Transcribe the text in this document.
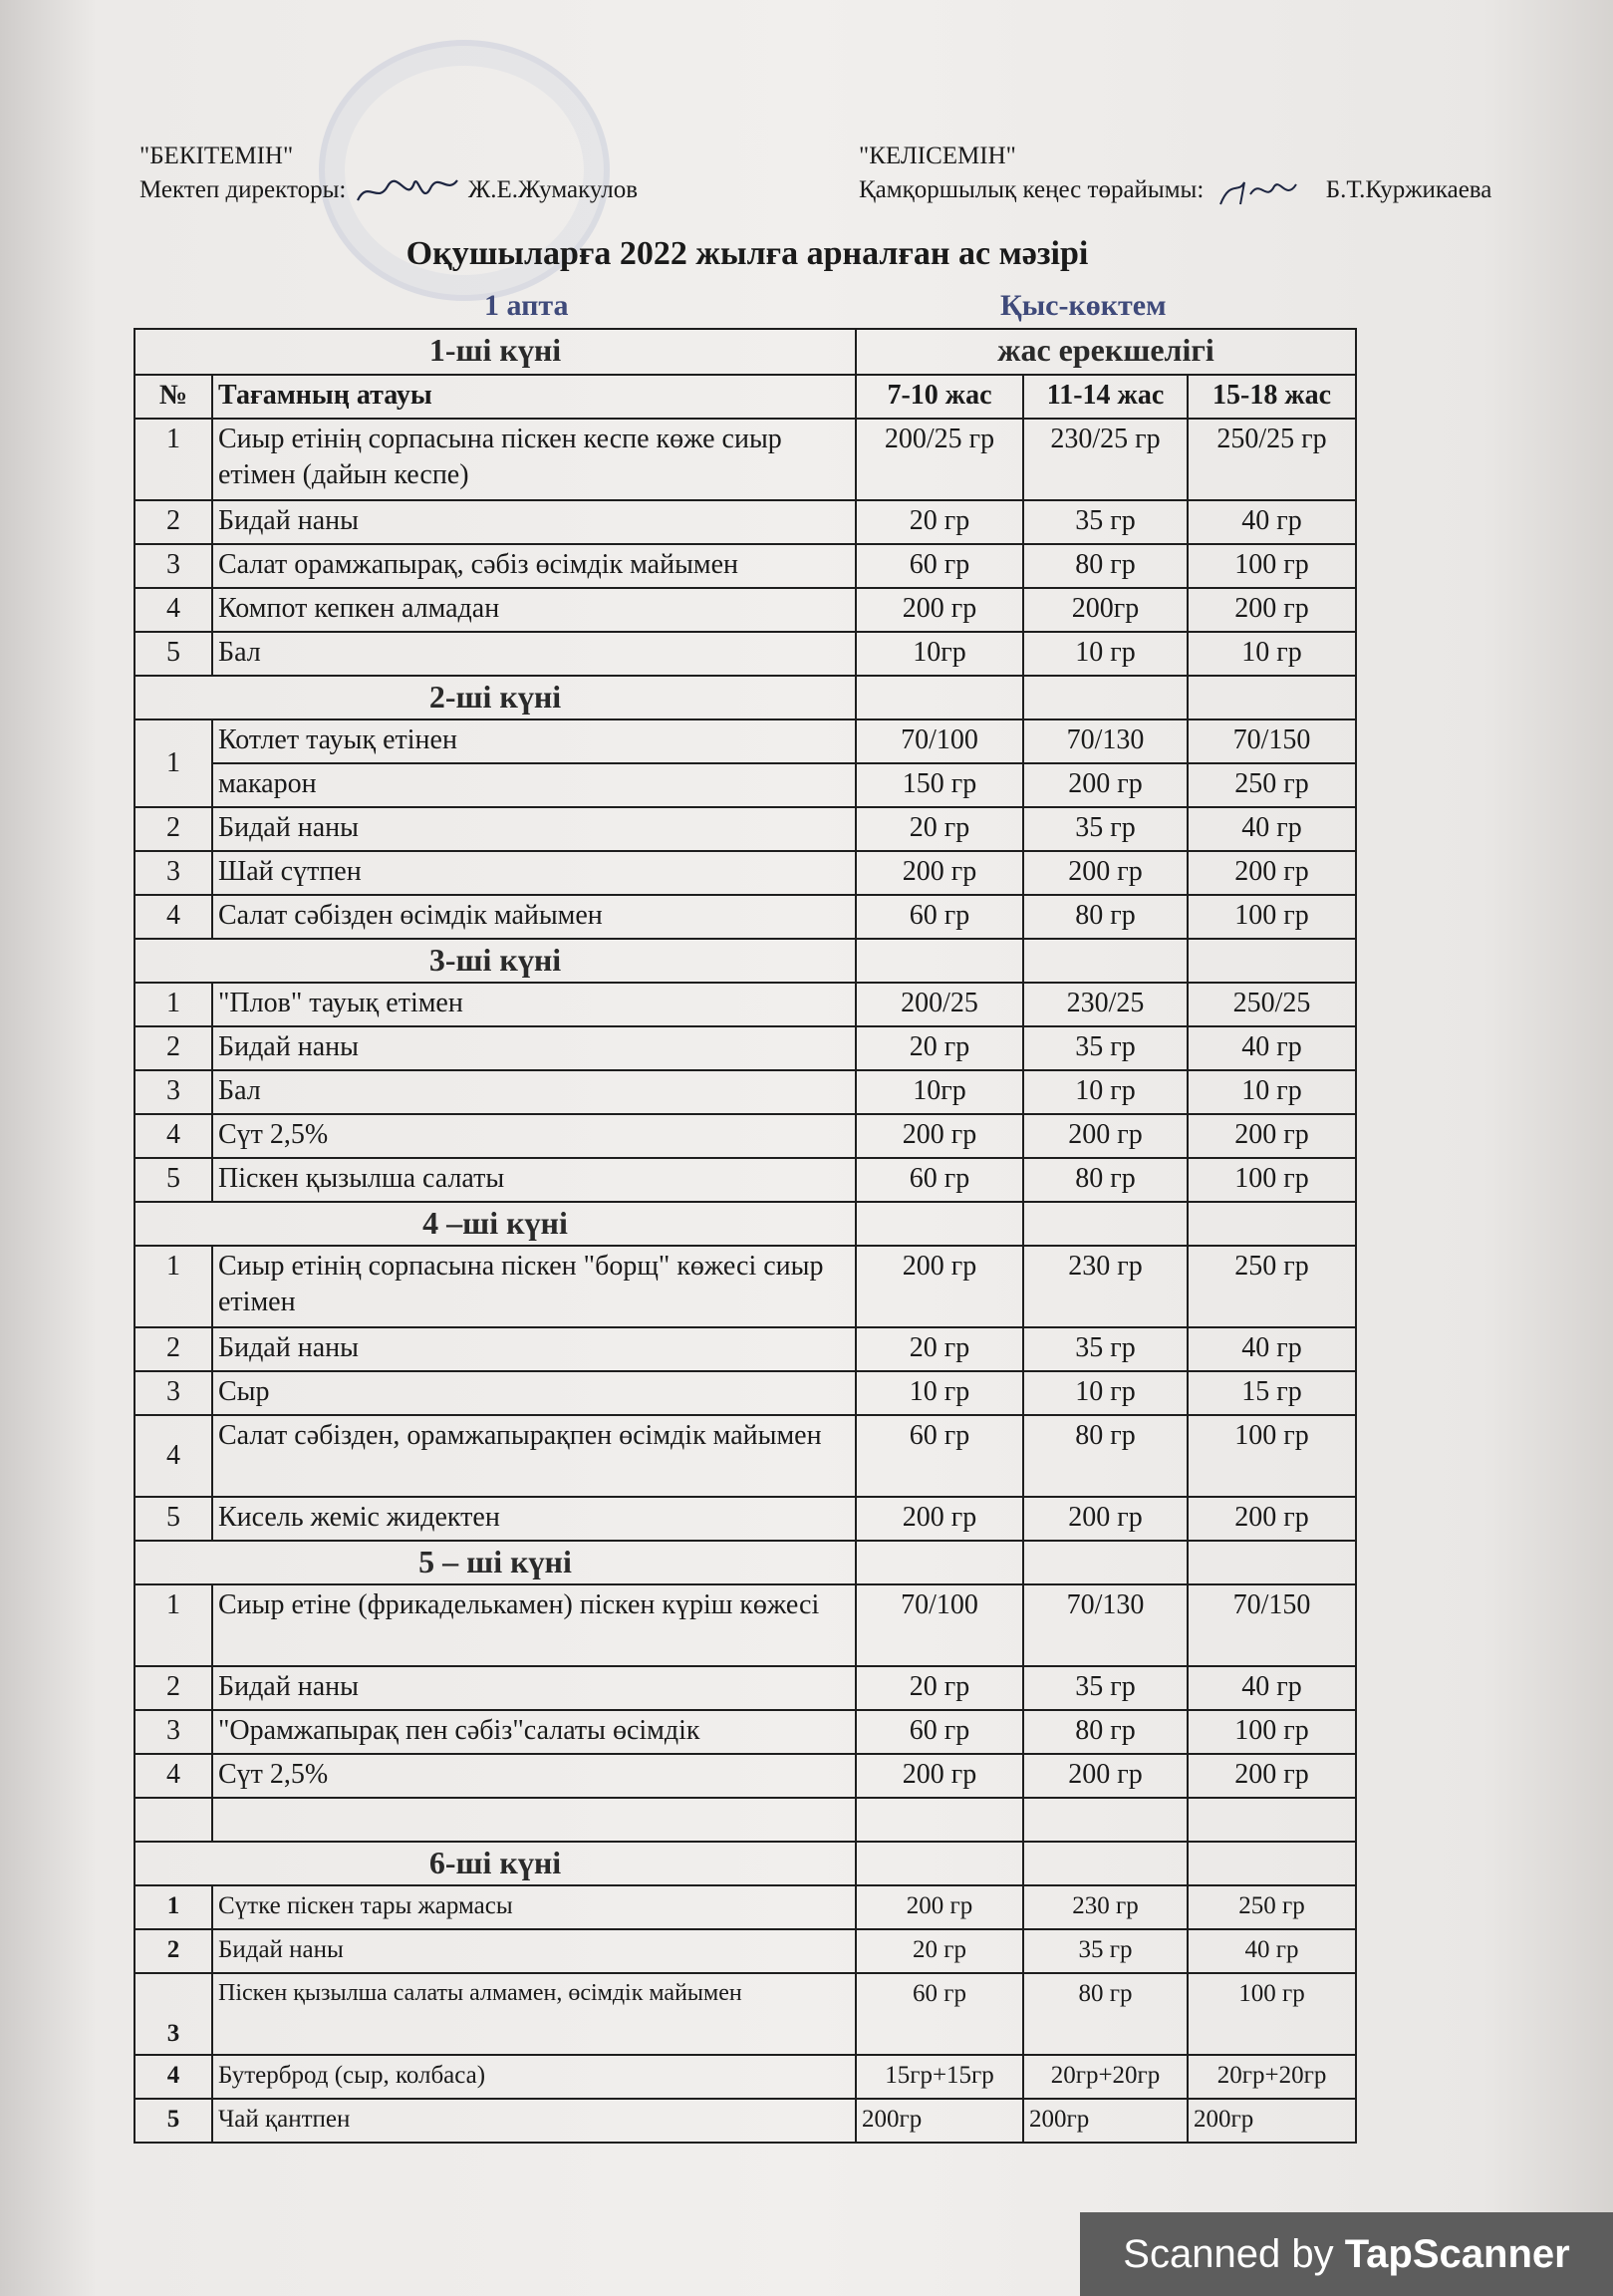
"БЕКІТЕМІН"
Мектеп директоры:	Ж.Е.Жумакулов
"КЕЛІСЕМІН"
Қамқоршылық кеңес төрайымы:	Б.Т.Куржикаева
Оқушыларға 2022 жылға арналған ас мәзірі
1 апта	Қыс-көктем
1-ші күні		жас ерекшелігі		
№	Тағамның атауы	7-10 жас	11-14 жас	15-18 жас
1	Сиыр етінің сорпасына піскен кеспе көже сиыр етімен (дайын кеспе)	200/25 гр	230/25 гр	250/25 гр
2	Бидай наны	20 гр	35 гр	40 гр
3	Салат орамжапырақ, сәбіз өсімдік майымен	60 гр	80 гр	100 гр
4	Компот кепкен алмадан	200 гр	200гр	200 гр
5	Бал	10гр	10 гр	10 гр
2-ші күні				
1	Котлет тауық етінен	70/100	70/130	70/150
	макарон	150 гр	200 гр	250 гр
2	Бидай наны	20 гр	35 гр	40 гр
3	Шай сүтпен	200 гр	200 гр	200 гр
4	Салат сәбізден өсімдік майымен	60 гр	80 гр	100 гр
3-ші күні				
1	"Плов" тауық етімен	200/25	230/25	250/25
2	Бидай наны	20 гр	35 гр	40 гр
3	Бал	10гр	10 гр	10 гр
4	Сүт 2,5%	200 гр	200 гр	200 гр
5	Піскен қызылша салаты	60 гр	80 гр	100 гр
4 –ші күні				
1	Сиыр етінің сорпасына піскен "борщ" көжесі сиыр етімен	200 гр	230 гр	250 гр
2	Бидай наны	20 гр	35 гр	40 гр
3	Сыр	10 гр	10 гр	15 гр
4	Салат сәбізден, орамжапырақпен өсімдік майымен	60 гр	80 гр	100 гр
5	Кисель жеміс жидектен	200 гр	200 гр	200 гр
5 – ші күні				
1	Сиыр етіне (фрикаделькамен) піскен күріш көжесі	70/100	70/130	70/150
2	Бидай наны	20 гр	35 гр	40 гр
3	"Орамжапырақ пен сәбіз"салаты өсімдік	60 гр	80 гр	100 гр
4	Сүт 2,5%	200 гр	200 гр	200 гр

6-ші күні				
1	Сүтке піскен тары жармасы	200 гр	230 гр	250 гр
2	Бидай наны	20 гр	35 гр	40 гр
3	Піскен қызылша салаты алмамен, өсімдік майымен	60 гр	80 гр	100 гр
4	Бутерброд (сыр, колбаса)	15гр+15гр	20гр+20гр	20гр+20гр
5	Чай қантпен	200гр	200гр	200гр
Scanned by TapScanner
